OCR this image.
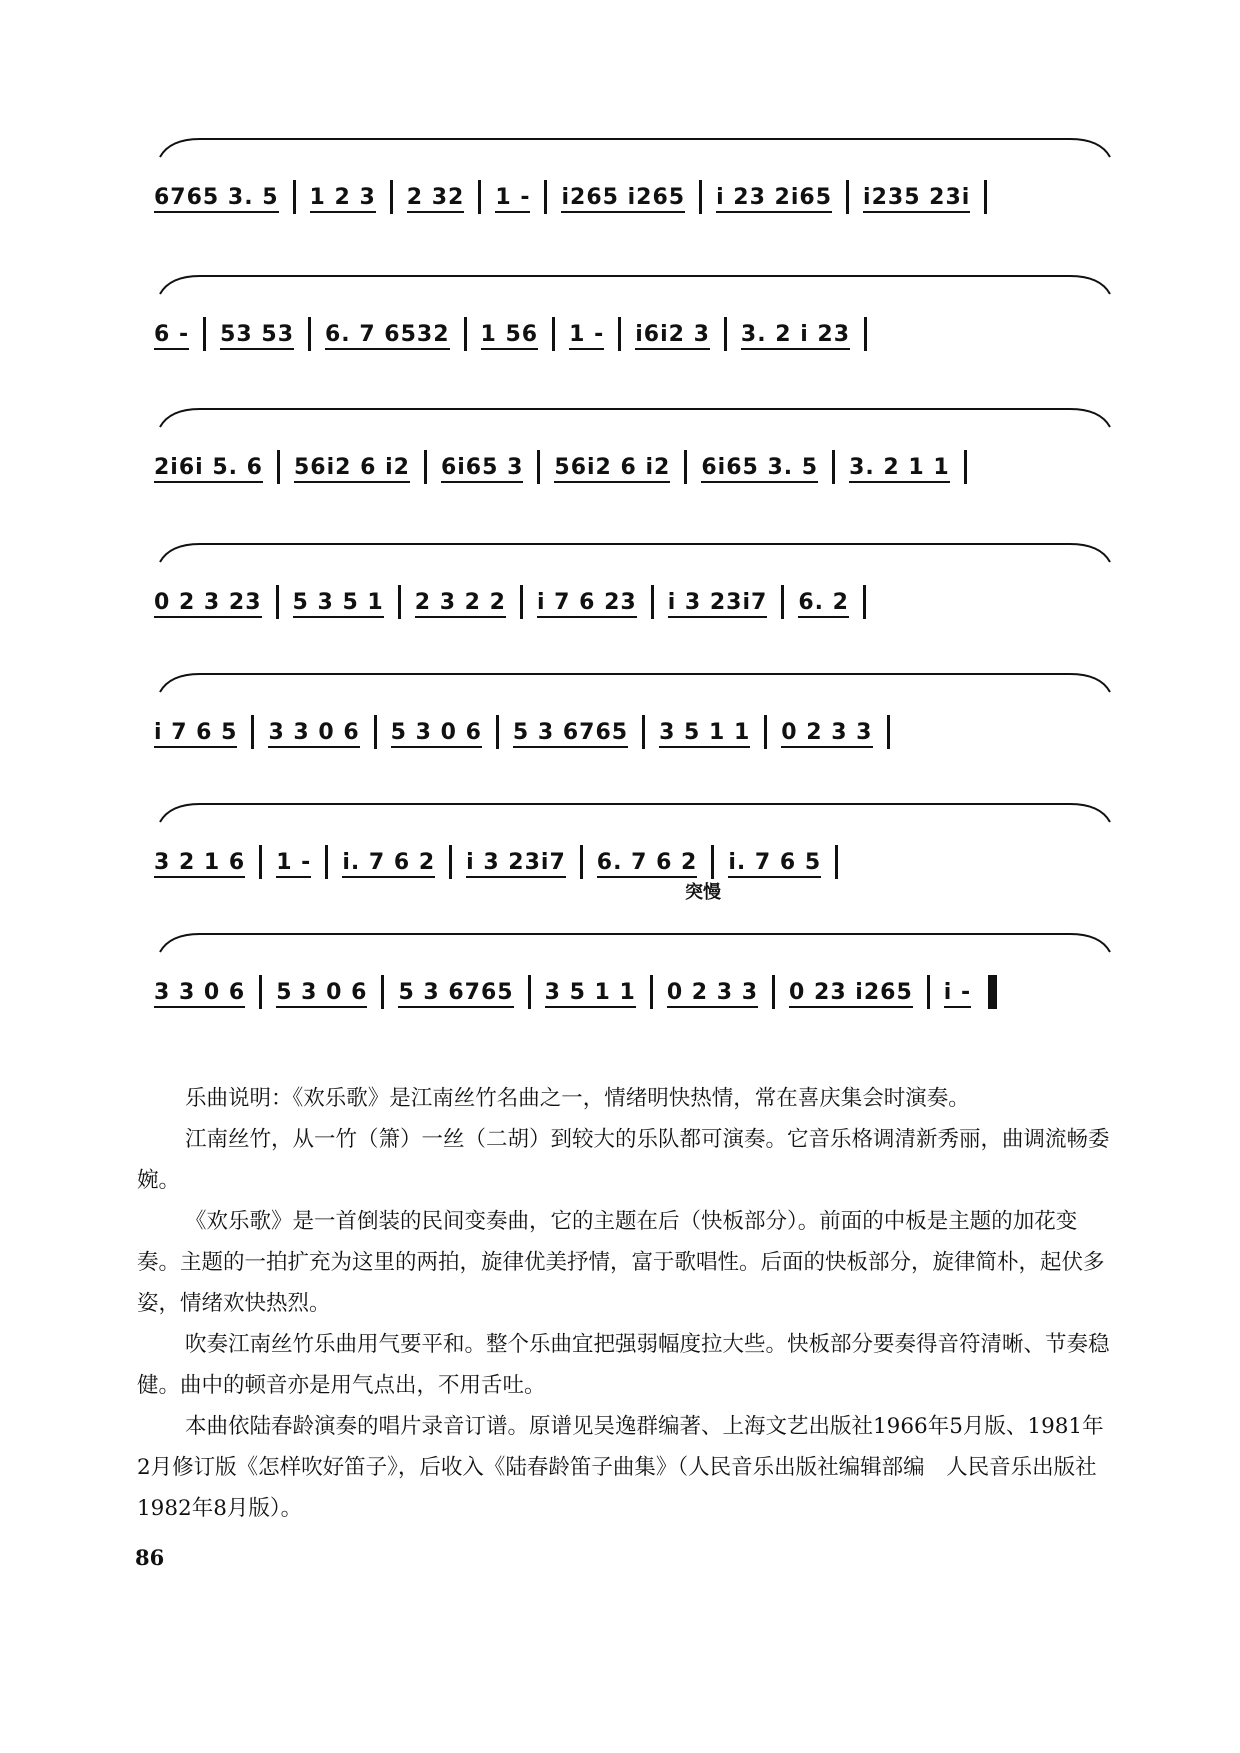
6765 3. 5	1 2 3	2 32	1 -	i265 i265	i 23 2i65	i235 23i
6 -	53 53	6. 7 6532	1 56	1 -	i6i2 3	3. 2 i 23
2i6i 5. 6	56i2 6 i2	6i65 3	56i2 6 i2	6i65 3. 5	3. 2 1 1
0 2 3 23	5 3 5 1	2 3 2 2	i 7 6 23	i 3 23i7	6. 2
i 7 6 5	3 3 0 6	5 3 0 6	5 3 6765	3 5 1 1	0 2 3 3
3 2 1 6	1 -	i. 7 6 2	i 3 23i7	6. 7 6 2	i. 7 6 5
3 3 0 6	5 3 0 6	5 3 6765	3 5 1 1	0 2 3 3	0 23 i265	i -
突慢

乐曲说明：《欢乐歌》是江南丝竹名曲之一，情绪明快热情，常在喜庆集会时演奏。

江南丝竹，从一竹（箫）一丝（二胡）到较大的乐队都可演奏。它音乐格调清新秀丽，曲调流畅委婉。

《欢乐歌》是一首倒装的民间变奏曲，它的主题在后（快板部分）。前面的中板是主题的加花变奏。主题的一拍扩充为这里的两拍，旋律优美抒情，富于歌唱性。后面的快板部分，旋律简朴，起伏多姿，情绪欢快热烈。

吹奏江南丝竹乐曲用气要平和。整个乐曲宜把强弱幅度拉大些。快板部分要奏得音符清晰、节奏稳健。曲中的顿音亦是用气点出，不用舌吐。

本曲依陆春龄演奏的唱片录音订谱。原谱见吴逸群编著、上海文艺出版社1966年5月版、1981年2月修订版《怎样吹好笛子》，后收入《陆春龄笛子曲集》（人民音乐出版社编辑部编　人民音乐出版社1982年8月版）。

86
